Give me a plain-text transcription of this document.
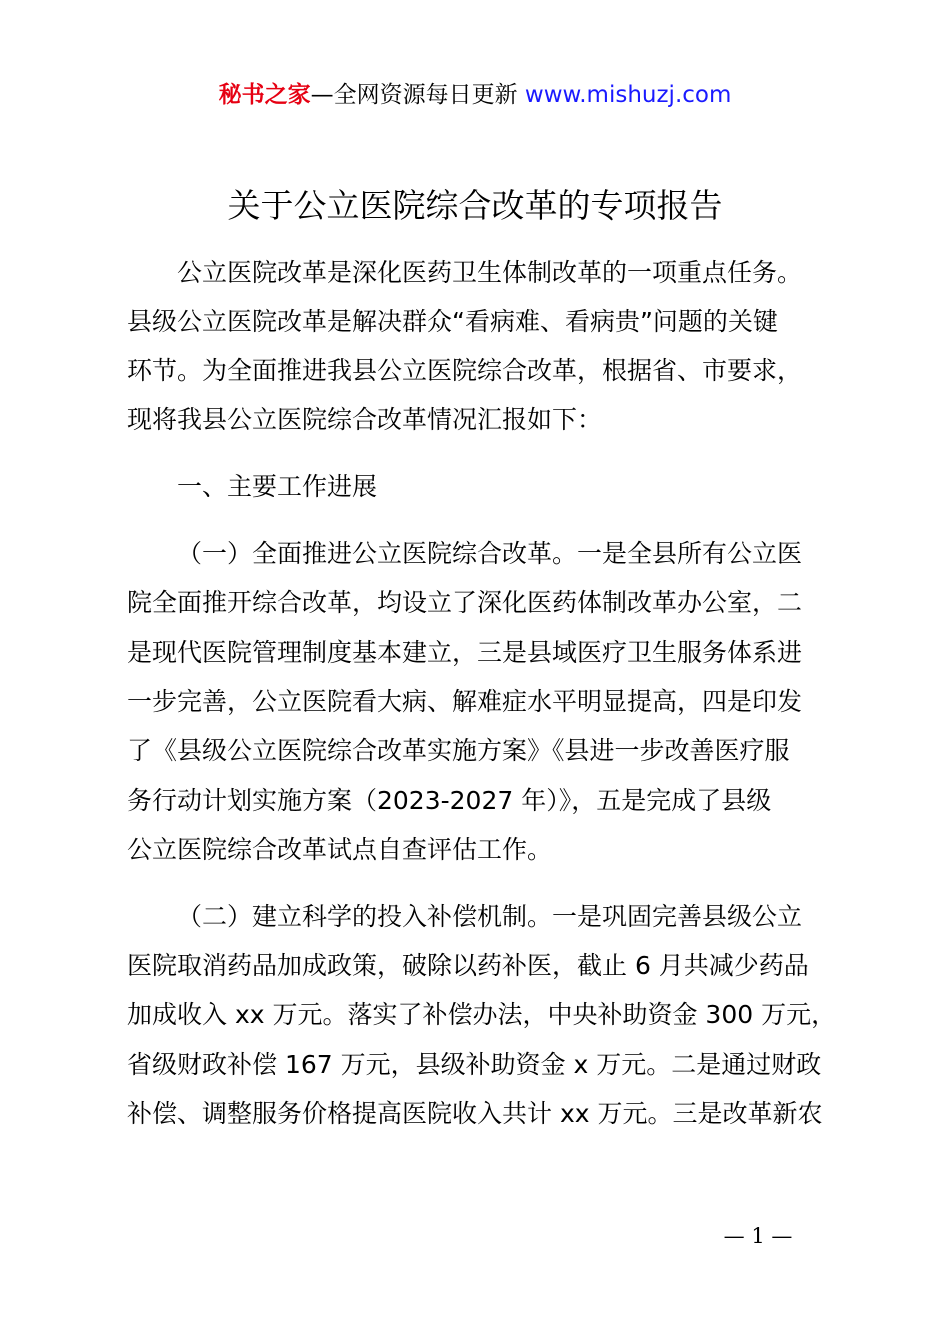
秘书之家—全网资源每日更新 www.mishuzj.com
关于公立医院综合改革的专项报告
公立医院改革是深化医药卫生体制改革的一项重点任务。
县级公立医院改革是解决群众“看病难、看病贵”问题的关键
环节。为全面推进我县公立医院综合改革，根据省、市要求，
现将我县公立医院综合改革情况汇报如下：
一、主要工作进展
（一）全面推进公立医院综合改革。一是全县所有公立医
院全面推开综合改革，均设立了深化医药体制改革办公室，二
是现代医院管理制度基本建立，三是县域医疗卫生服务体系进
一步完善，公立医院看大病、解难症水平明显提高，四是印发
了《县级公立医院综合改革实施方案》《县进一步改善医疗服
务行动计划实施方案（2023-2027 年）》，五是完成了县级
公立医院综合改革试点自查评估工作。
（二）建立科学的投入补偿机制。一是巩固完善县级公立
医院取消药品加成政策，破除以药补医，截止 6 月共减少药品
加成收入 xx 万元。落实了补偿办法，中央补助资金 300 万元，
省级财政补偿 167 万元，县级补助资金 x 万元。二是通过财政
补偿、调整服务价格提高医院收入共计 xx 万元。三是改革新农
— 1 —
